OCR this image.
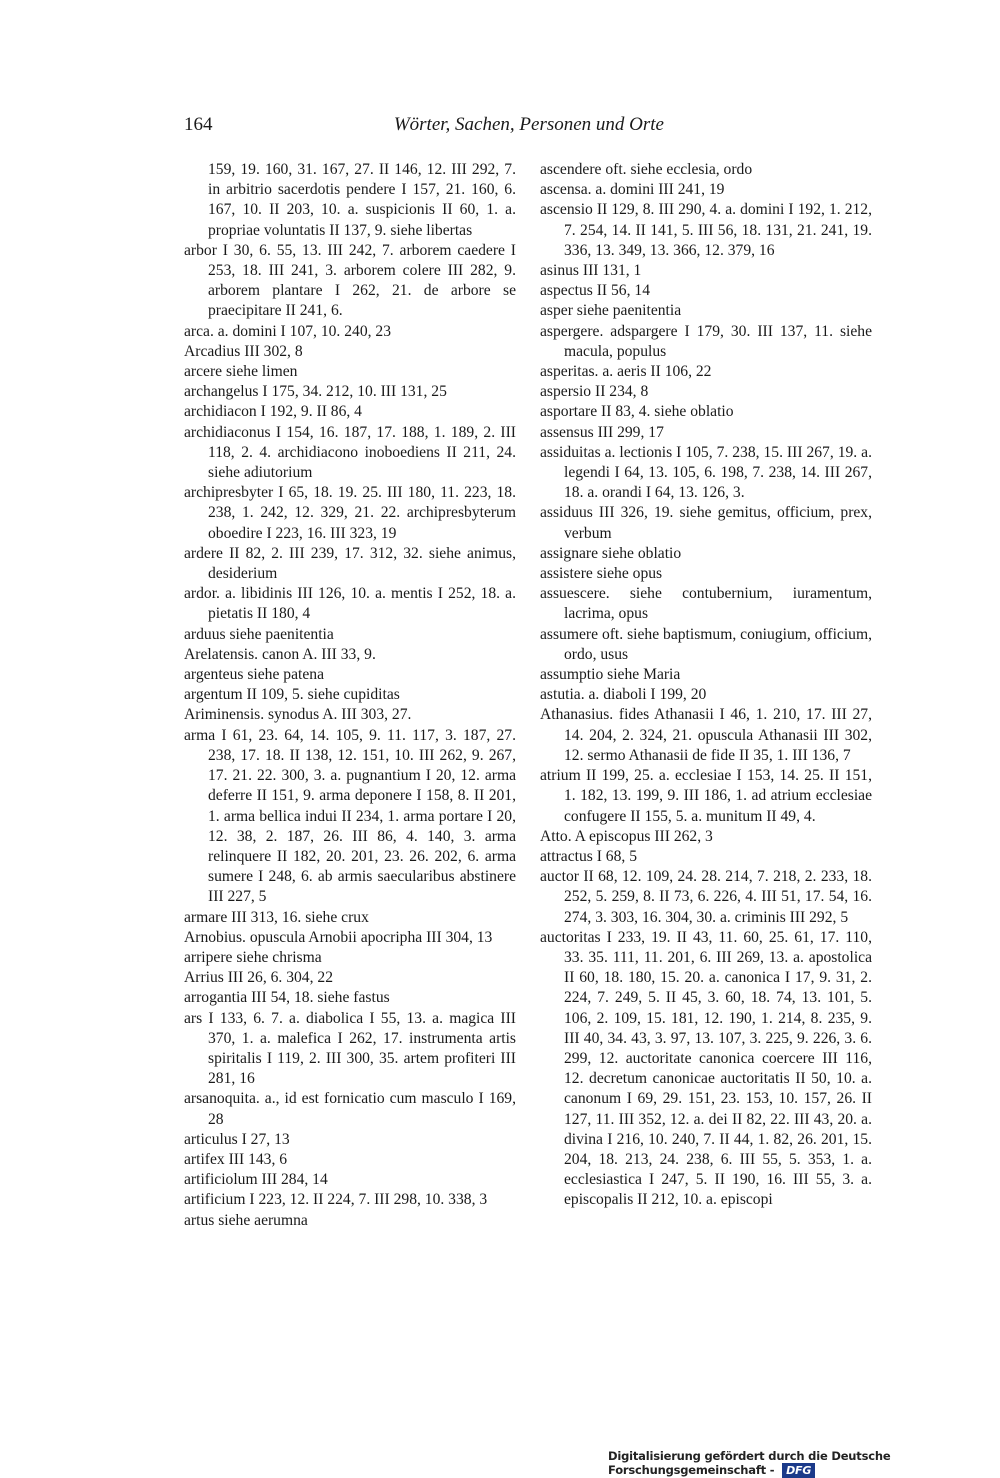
164	Wörter, Sachen, Personen und Orte

159, 19. 160, 31. 167, 27. II 146, 12. III 292, 7. in arbitrio sacerdotis pendere I 157, 21. 160, 6. 167, 10. II 203, 10. a. suspicionis II 60, 1. a. propriae voluntatis II 137, 9. siehe libertas

arbor I 30, 6. 55, 13. III 242, 7. arborem caedere I 253, 18. III 241, 3. arborem colere III 282, 9. arborem plantare I 262, 21. de arbore se praecipitare II 241, 6.

arca. a. domini I 107, 10. 240, 23

Arcadius III 302, 8

arcere siehe limen

archangelus I 175, 34. 212, 10. III 131, 25

archidiacon I 192, 9. II 86, 4

archidiaconus I 154, 16. 187, 17. 188, 1. 189, 2. III 118, 2. 4. archidiacono inoboediens II 211, 24. siehe adiutorium

archipresbyter I 65, 18. 19. 25. III 180, 11. 223, 18. 238, 1. 242, 12. 329, 21. 22. archipresbyterum oboedire I 223, 16. III 323, 19

ardere II 82, 2. III 239, 17. 312, 32. siehe animus, desiderium

ardor. a. libidinis III 126, 10. a. mentis I 252, 18. a. pietatis II 180, 4

arduus siehe paenitentia

Arelatensis. canon A. III 33, 9.

argenteus siehe patena

argentum II 109, 5. siehe cupiditas

Ariminensis. synodus A. III 303, 27.

arma I 61, 23. 64, 14. 105, 9. 11. 117, 3. 187, 27. 238, 17. 18. II 138, 12. 151, 10. III 262, 9. 267, 17. 21. 22. 300, 3. a. pugnantium I 20, 12. arma deferre II 151, 9. arma deponere I 158, 8. II 201, 1. arma bellica indui II 234, 1. arma portare I 20, 12. 38, 2. 187, 26. III 86, 4. 140, 3. arma relinquere II 182, 20. 201, 23. 26. 202, 6. arma sumere I 248, 6. ab armis saecularibus abstinere III 227, 5

armare III 313, 16. siehe crux

Arnobius. opuscula Arnobii apocripha III 304, 13

arripere siehe chrisma

Arrius III 26, 6. 304, 22

arrogantia III 54, 18. siehe fastus

ars I 133, 6. 7. a. diabolica I 55, 13. a. magica III 370, 1. a. malefica I 262, 17. instrumenta artis spiritalis I 119, 2. III 300, 35. artem profiteri III 281, 16

arsanoquita. a., id est fornicatio cum masculo I 169, 28

articulus I 27, 13

artifex III 143, 6

artificiolum III 284, 14

artificium I 223, 12. II 224, 7. III 298, 10. 338, 3

artus siehe aerumna

ascendere oft. siehe ecclesia, ordo

ascensa. a. domini III 241, 19

ascensio II 129, 8. III 290, 4. a. domini I 192, 1. 212, 7. 254, 14. II 141, 5. III 56, 18. 131, 21. 241, 19. 336, 13. 349, 13. 366, 12. 379, 16

asinus III 131, 1

aspectus II 56, 14

asper siehe paenitentia

aspergere. adspargere I 179, 30. III 137, 11. siehe macula, populus

asperitas. a. aeris II 106, 22

aspersio II 234, 8

asportare II 83, 4. siehe oblatio

assensus III 299, 17

assiduitas a. lectionis I 105, 7. 238, 15. III 267, 19. a. legendi I 64, 13. 105, 6. 198, 7. 238, 14. III 267, 18. a. orandi I 64, 13. 126, 3.

assiduus III 326, 19. siehe gemitus, officium, prex, verbum

assignare siehe oblatio

assistere siehe opus

assuescere. siehe contubernium, iuramentum, lacrima, opus

assumere oft. siehe baptismum, coniugium, officium, ordo, usus

assumptio siehe Maria

astutia. a. diaboli I 199, 20

Athanasius. fides Athanasii I 46, 1. 210, 17. III 27, 14. 204, 2. 324, 21. opuscula Athanasii III 302, 12. sermo Athanasii de fide II 35, 1. III 136, 7

atrium II 199, 25. a. ecclesiae I 153, 14. 25. II 151, 1. 182, 13. 199, 9. III 186, 1. ad atrium ecclesiae confugere II 155, 5. a. munitum II 49, 4.

Atto. A episcopus III 262, 3

attractus I 68, 5

auctor II 68, 12. 109, 24. 28. 214, 7. 218, 2. 233, 18. 252, 5. 259, 8. II 73, 6. 226, 4. III 51, 17. 54, 16. 274, 3. 303, 16. 304, 30. a. criminis III 292, 5

auctoritas I 233, 19. II 43, 11. 60, 25. 61, 17. 110, 33. 35. 111, 11. 201, 6. III 269, 13. a. apostolica II 60, 18. 180, 15. 20. a. canonica I 17, 9. 31, 2. 224, 7. 249, 5. II 45, 3. 60, 18. 74, 13. 101, 5. 106, 2. 109, 15. 181, 12. 190, 1. 214, 8. 235, 9. III 40, 34. 43, 3. 97, 13. 107, 3. 225, 9. 226, 3. 6. 299, 12. auctoritate canonica coercere III 116, 12. decretum canonicae auctoritatis II 50, 10. a. canonum I 69, 29. 151, 23. 153, 10. 157, 26. II 127, 11. III 352, 12. a. dei II 82, 22. III 43, 20. a. divina I 216, 10. 240, 7. II 44, 1. 82, 26. 201, 15. 204, 18. 213, 24. 238, 6. III 55, 5. 353, 1. a. ecclesiastica I 247, 5. II 190, 16. III 55, 3. a. episcopalis II 212, 10. a. episcopi

Digitalisierung gefördert durch die Deutsche Forschungsgemeinschaft - DFG
